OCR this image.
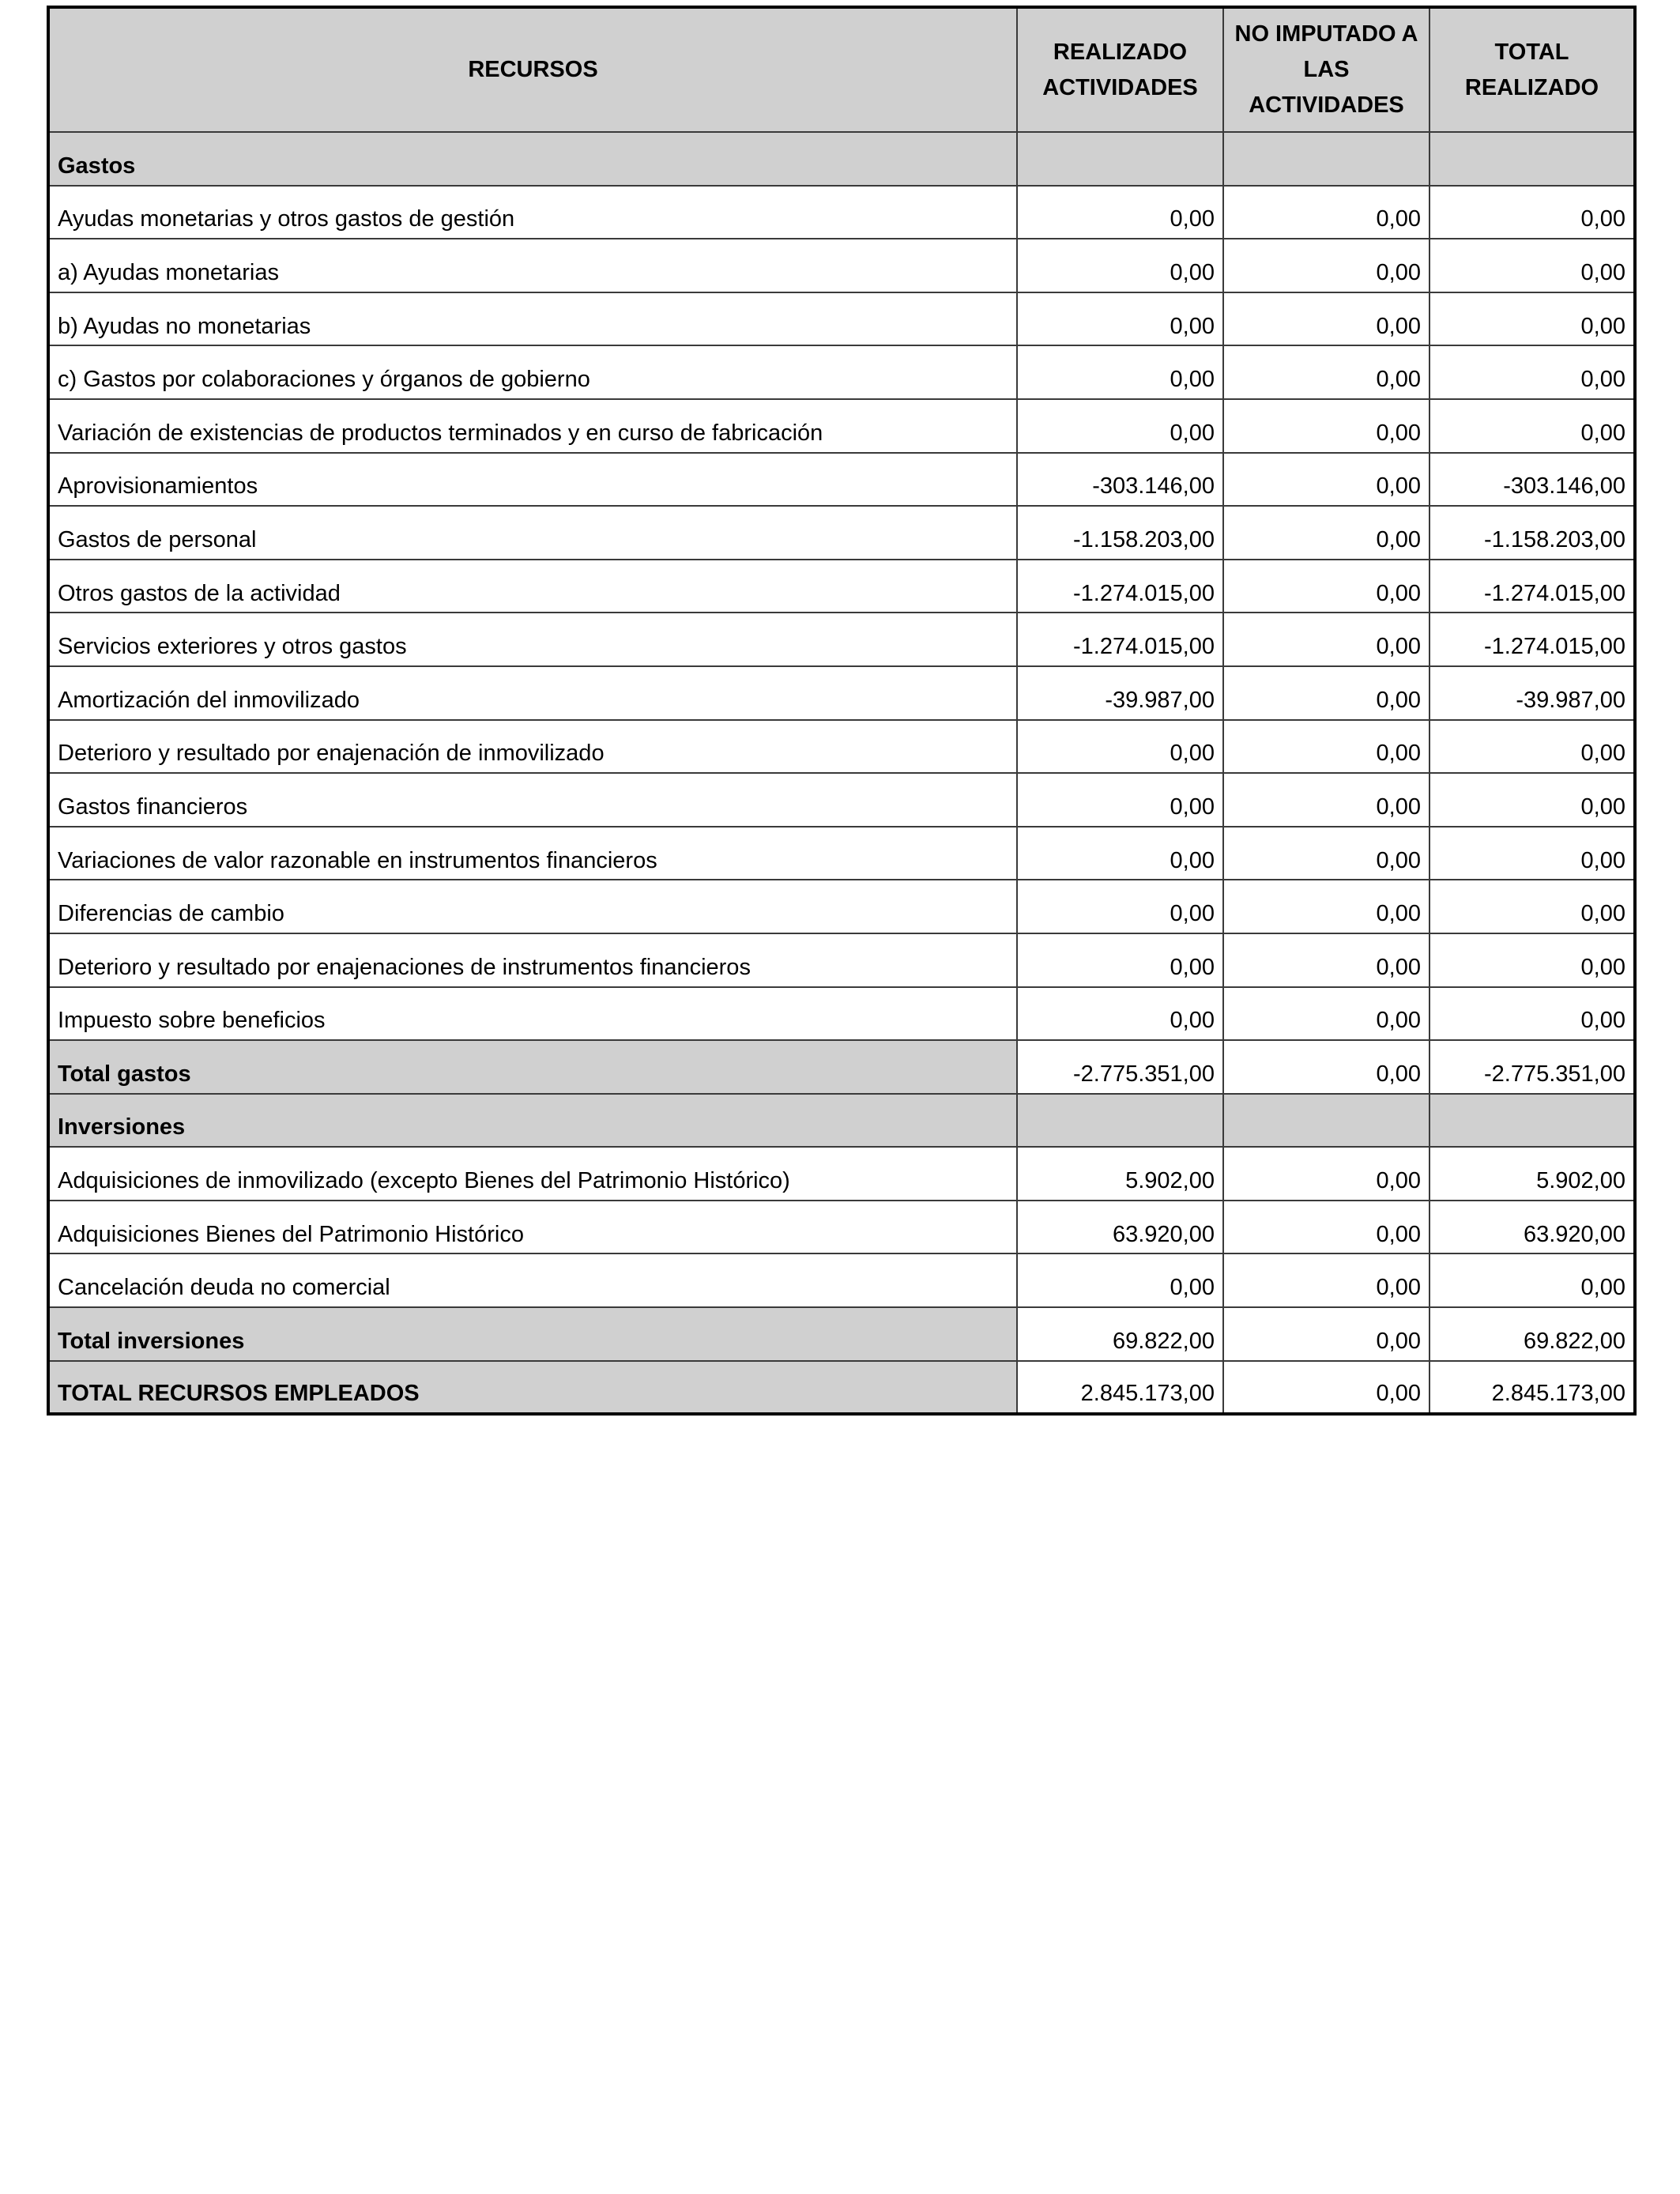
RECURSOS	REALIZADO ACTIVIDADES	NO IMPUTADO A LAS ACTIVIDADES	TOTAL REALIZADO
Gastos			
Ayudas monetarias y otros gastos de gestión	0,00	0,00	0,00
a) Ayudas monetarias	0,00	0,00	0,00
b) Ayudas no monetarias	0,00	0,00	0,00
c) Gastos por colaboraciones y órganos de gobierno	0,00	0,00	0,00
Variación de existencias de productos terminados y en curso de fabricación	0,00	0,00	0,00
Aprovisionamientos	-303.146,00	0,00	-303.146,00
Gastos de personal	-1.158.203,00	0,00	-1.158.203,00
Otros gastos de la actividad	-1.274.015,00	0,00	-1.274.015,00
Servicios exteriores y otros gastos	-1.274.015,00	0,00	-1.274.015,00
Amortización del inmovilizado	-39.987,00	0,00	-39.987,00
Deterioro y resultado por enajenación de inmovilizado	0,00	0,00	0,00
Gastos financieros	0,00	0,00	0,00
Variaciones de valor razonable en instrumentos financieros	0,00	0,00	0,00
Diferencias de cambio	0,00	0,00	0,00
Deterioro y resultado por enajenaciones de instrumentos financieros	0,00	0,00	0,00
Impuesto sobre beneficios	0,00	0,00	0,00
Total gastos	-2.775.351,00	0,00	-2.775.351,00
Inversiones			
Adquisiciones de inmovilizado (excepto Bienes del Patrimonio Histórico)	5.902,00	0,00	5.902,00
Adquisiciones Bienes del Patrimonio Histórico	63.920,00	0,00	63.920,00
Cancelación deuda no comercial	0,00	0,00	0,00
Total inversiones	69.822,00	0,00	69.822,00
TOTAL RECURSOS EMPLEADOS	2.845.173,00	0,00	2.845.173,00
